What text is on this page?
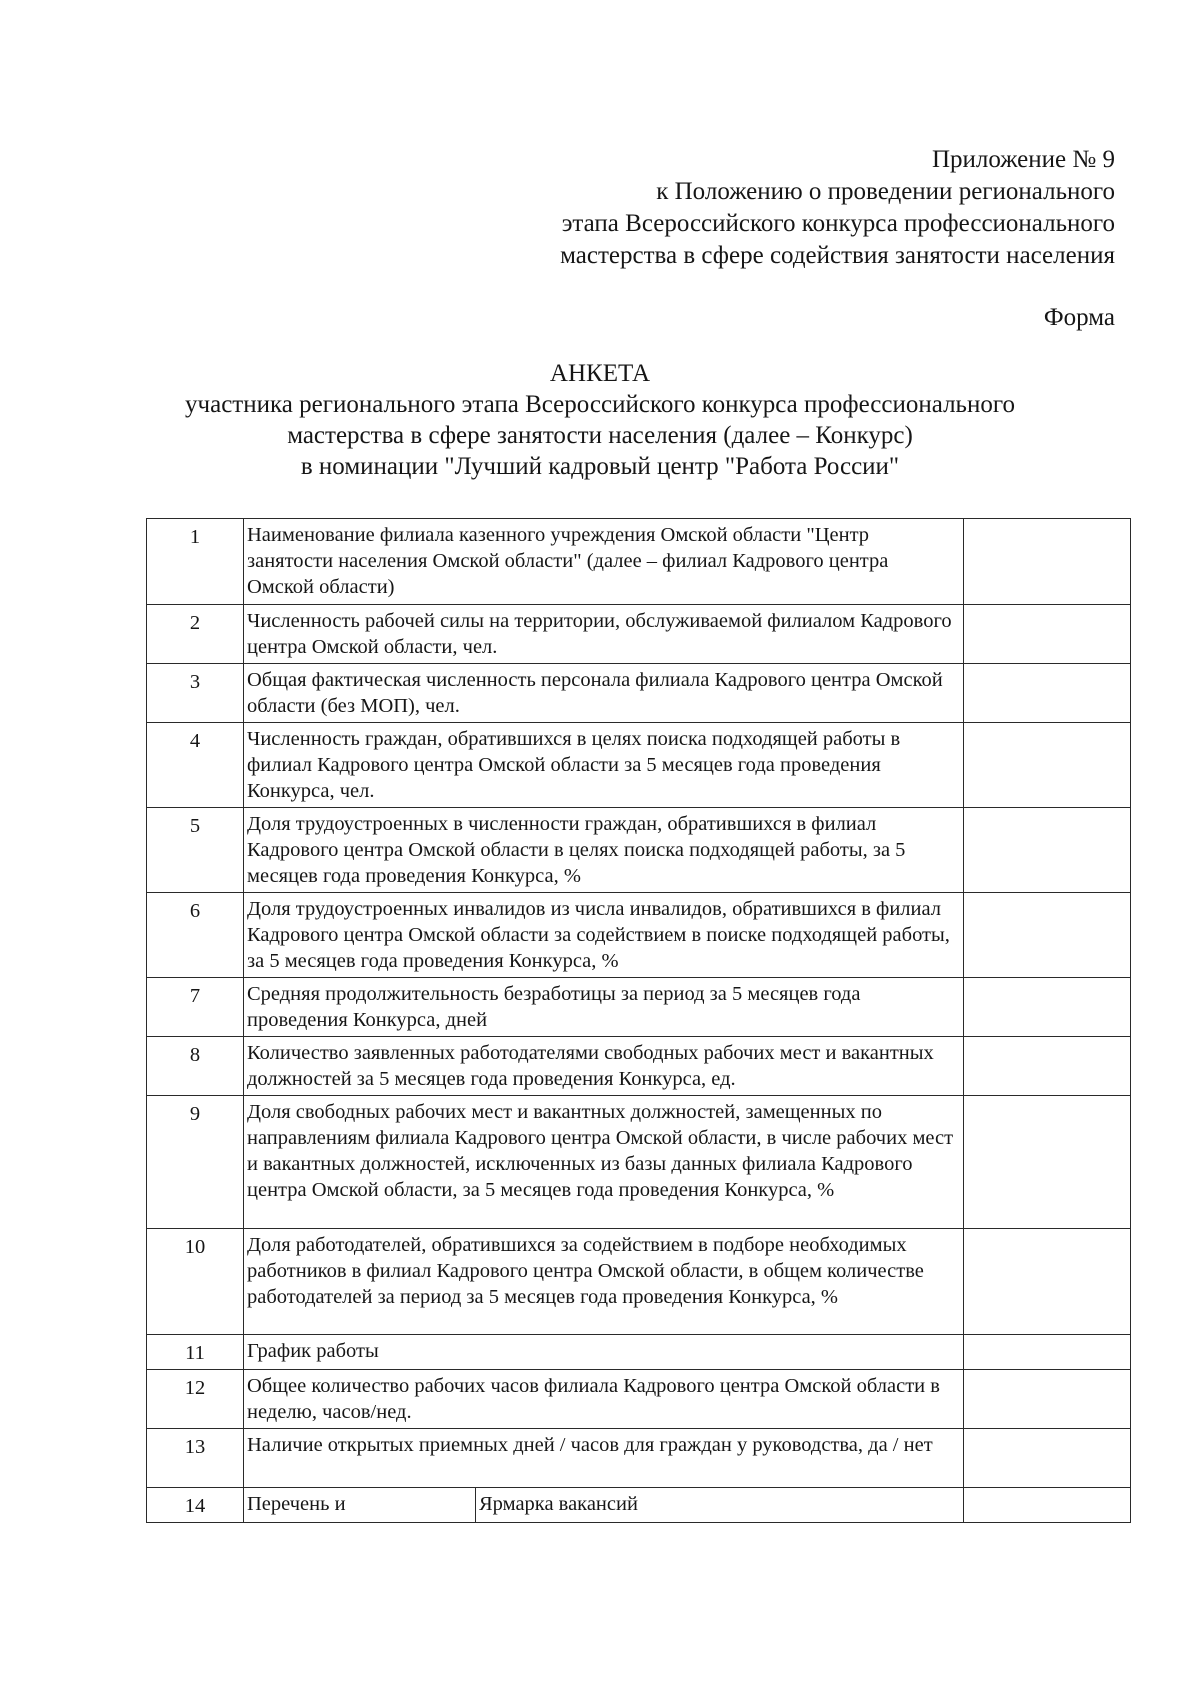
Приложение № 9
к Положению о проведении регионального
этапа Всероссийского конкурса профессионального
мастерства в сфере содействия занятости населения
Форма
АНКЕТА
участника регионального этапа Всероссийского конкурса профессионального
мастерства в сфере занятости населения (далее – Конкурс)
в номинации "Лучший кадровый центр "Работа России"
1	Наименование филиала казенного учреждения Омской области "Центр занятости населения Омской области" (далее – филиал Кадрового центра Омской области)		
2	Численность рабочей силы на территории, обслуживаемой филиалом Кадрового центра Омской области, чел.		
3	Общая фактическая численность персонала филиала Кадрового центра Омской области (без МОП), чел.		
4	Численность граждан, обратившихся в целях поиска подходящей работы в филиал Кадрового центра Омской области за 5 месяцев года проведения Конкурса, чел.		
5	Доля трудоустроенных в численности граждан, обратившихся в филиал Кадрового центра Омской области в целях поиска подходящей работы, за 5 месяцев года проведения Конкурса, %		
6	Доля трудоустроенных инвалидов из числа инвалидов, обратившихся в филиал Кадрового центра Омской области за содействием в поиске подходящей работы, за 5 месяцев года проведения Конкурса, %		
7	Средняя продолжительность безработицы за период за 5 месяцев года проведения Конкурса, дней		
8	Количество заявленных работодателями свободных рабочих мест и вакантных должностей за 5 месяцев года проведения Конкурса, ед.		
9	Доля свободных рабочих мест и вакантных должностей, замещенных по направлениям филиала Кадрового центра Омской области, в числе рабочих мест и вакантных должностей, исключенных из базы данных филиала Кадрового центра Омской области, за 5 месяцев года проведения Конкурса, %		
10	Доля работодателей, обратившихся за содействием в подборе необходимых работников в филиал Кадрового центра Омской области, в общем количестве работодателей за период за 5 месяцев года проведения Конкурса, %		
11	График работы		
12	Общее количество рабочих часов филиала Кадрового центра Омской области в неделю, часов/нед.		
13	Наличие открытых приемных дней / часов для граждан у руководства, да / нет		
14	Перечень и	Ярмарка вакансий	
